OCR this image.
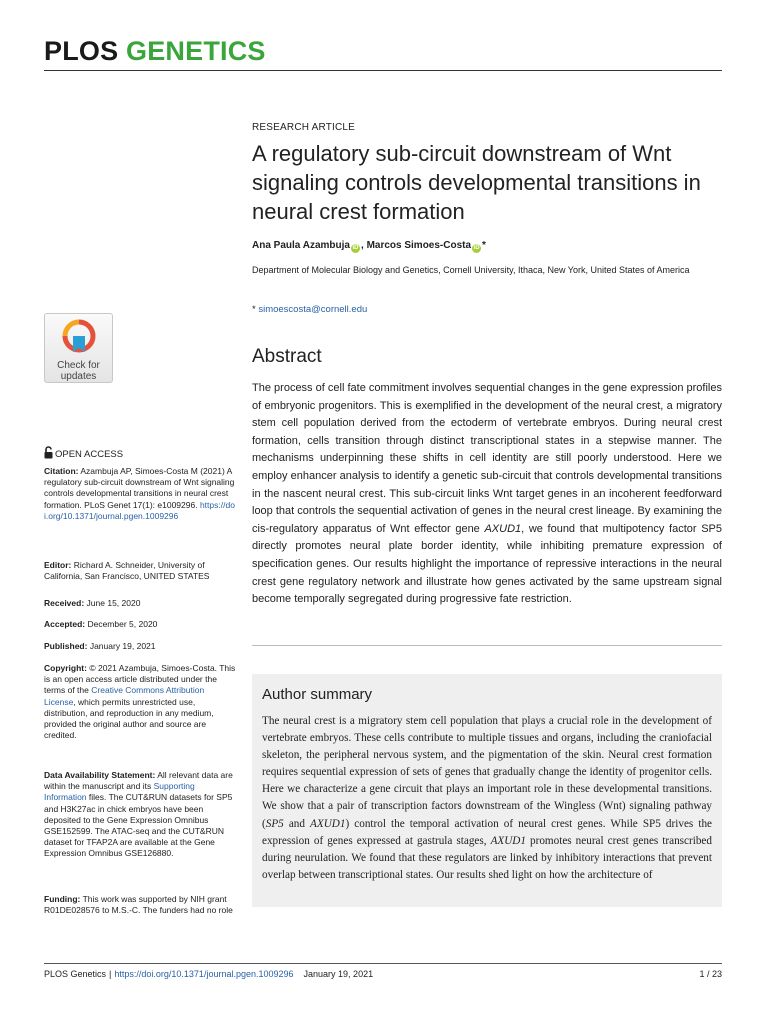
PLOS GENETICS
Check for
updates
RESEARCH ARTICLE
A regulatory sub-circuit downstream of Wnt signaling controls developmental transitions in neural crest formation
Ana Paula Azambuja iD , Marcos Simoes-Costa iD *
Department of Molecular Biology and Genetics, Cornell University, Ithaca, New York, United States of America
* simoescosta@cornell.edu
OPEN ACCESS
Citation: Azambuja AP, Simoes-Costa M (2021) A regulatory sub-circuit downstream of Wnt signaling controls developmental transitions in neural crest formation. PLoS Genet 17(1): e1009296. https://doi.org/10.1371/journal.pgen.1009296
Editor: Richard A. Schneider, University of California, San Francisco, UNITED STATES
Received: June 15, 2020
Accepted: December 5, 2020
Published: January 19, 2021
Copyright: © 2021 Azambuja, Simoes-Costa. This is an open access article distributed under the terms of the Creative Commons Attribution License, which permits unrestricted use, distribution, and reproduction in any medium, provided the original author and source are credited.
Data Availability Statement: All relevant data are within the manuscript and its Supporting Information files. The CUT&RUN datasets for SP5 and H3K27ac in chick embryos have been deposited to the Gene Expression Omnibus GSE152599. The ATAC-seq and the CUT&RUN dataset for TFAP2A are available at the Gene Expression Omnibus GSE126880.
Funding: This work was supported by NIH grant R01DE028576 to M.S.-C. The funders had no role
Abstract
The process of cell fate commitment involves sequential changes in the gene expression profiles of embryonic progenitors. This is exemplified in the development of the neural crest, a migratory stem cell population derived from the ectoderm of vertebrate embryos. During neural crest formation, cells transition through distinct transcriptional states in a stepwise manner. The mechanisms underpinning these shifts in cell identity are still poorly understood. Here we employ enhancer analysis to identify a genetic sub-circuit that controls developmental transitions in the nascent neural crest. This sub-circuit links Wnt target genes in an incoherent feedforward loop that controls the sequential activation of genes in the neural crest lineage. By examining the cis-regulatory apparatus of Wnt effector gene AXUD1, we found that multipotency factor SP5 directly promotes neural plate border identity, while inhibiting premature expression of specification genes. Our results highlight the importance of repressive interactions in the neural crest gene regulatory network and illustrate how genes activated by the same upstream signal become temporally segregated during progressive fate restriction.
Author summary
The neural crest is a migratory stem cell population that plays a crucial role in the development of vertebrate embryos. These cells contribute to multiple tissues and organs, including the craniofacial skeleton, the peripheral nervous system, and the pigmentation of the skin. Neural crest formation requires sequential expression of sets of genes that gradually change the identity of progenitor cells. Here we characterize a gene circuit that plays an important role in these developmental transitions. We show that a pair of transcription factors downstream of the Wingless (Wnt) signaling pathway (SP5 and AXUD1) control the temporal activation of neural crest genes. While SP5 drives the expression of genes expressed at gastrula stages, AXUD1 promotes neural crest genes transcribed during neurulation. We found that these regulators are linked by inhibitory interactions that prevent overlap between transcriptional states. Our results shed light on how the architecture of
PLOS Genetics | https://doi.org/10.1371/journal.pgen.1009296 January 19, 2021	1 / 23
